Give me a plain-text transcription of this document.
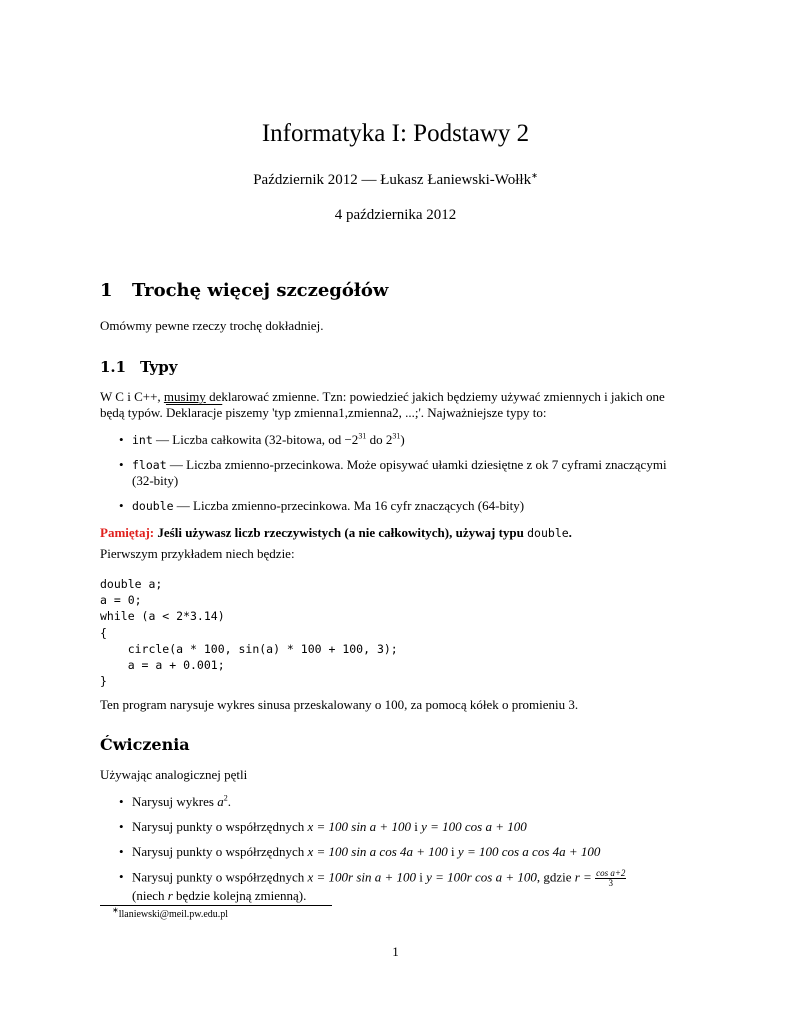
Informatyka I: Podstawy 2
Październik 2012 — Łukasz Łaniewski-Wołłk∗
4 października 2012
1 Trochę więcej szczegółów
Omówmy pewne rzeczy trochę dokładniej.
1.1 Typy
W C i C++, musimy deklarować zmienne. Tzn: powiedzieć jakich będziemy używać zmiennych i jakich one będą typów. Deklaracje piszemy 'typ zmienna1,zmienna2, ...;'. Najważniejsze typy to:
• int — Liczba całkowita (32-bitowa, od $-2^{31}$ do $2^{31}$)
• float — Liczba zmienno-przecinkowa. Może opisywać ułamki dziesiętne z ok 7 cyframi znaczącymi (32-bity)
• double — Liczba zmienno-przecinkowa. Ma 16 cyfr znaczących (64-bity)
Pamiętaj: Jeśli używasz liczb rzeczywistych (a nie całkowitych), używaj typu double.
Pierwszym przykładem niech będzie:
double a;
a = 0;
while (a < 2*3.14)
{
circle(a * 100, sin(a) * 100 + 100, 3);
a = a + 0.001;
}
Ten program narysuje wykres sinusa przeskalowany o 100, za pomocą kółek o promieniu 3.
Ćwiczenia
Używając analogicznej pętli
• Narysuj wykres $a^2$.
• Narysuj punkty o współrzędnych x = 100 sin a + 100 i y = 100 cos a + 100
• Narysuj punkty o współrzędnych x = 100 sin a cos 4a + 100 i y = 100 cos a cos 4a + 100
• Narysuj punkty o współrzędnych x = 100r sin a + 100 i y = 100r cos a + 100, gdzie $r = \frac{\text{cos a+2}}{3}$

(niech r będzie kolejną zmienną).
∗llaniewski@meil.pw.edu.pl
1
